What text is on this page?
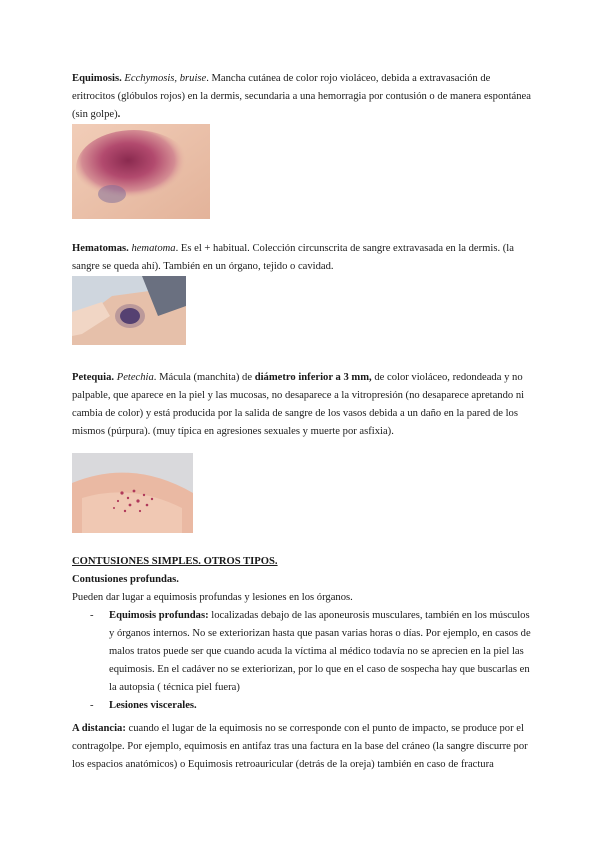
Equimosis. Ecchymosis, bruise. Mancha cutánea de color rojo violáceo, debida a extravasación de eritrocitos (glóbulos rojos) en la dermis, secundaria a una hemorragia por contusión o de manera espontánea (sin golpe).

Hematomas. hematoma. Es el + habitual. Colección circunscrita de sangre extravasada en la dermis. (la sangre se queda ahí). También en un órgano, tejido o cavidad.

Petequia. Petechia. Mácula (manchita) de diámetro inferior a 3 mm, de color violáceo, redondeada y no palpable, que aparece en la piel y las mucosas, no desaparece a la vitropresión (no desaparece apretando ni cambia de color) y está producida por la salida de sangre de los vasos debida a un daño en la pared de los mismos (púrpura). (muy típica en agresiones sexuales y muerte por asfixia).

CONTUSIONES SIMPLES. OTROS TIPOS.

Contusiones profundas.

Pueden dar lugar a equimosis profundas y lesiones en los órganos.

- Equimosis profundas: localizadas debajo de las aponeurosis musculares, también en los músculos y órganos internos. No se exteriorizan hasta que pasan varias horas o días. Por ejemplo, en casos de malos tratos puede ser que cuando acuda la víctima al médico todavía no se aprecien en la piel las equimosis. En el cadáver no se exteriorizan, por lo que en el caso de sospecha hay que buscarlas en la autopsia ( técnica piel fuera)
- Lesiones viscerales.

A distancia: cuando el lugar de la equimosis no se corresponde con el punto de impacto, se produce por el contragolpe. Por ejemplo, equimosis en antifaz tras una factura en la base del cráneo (la sangre discurre por los espacios anatómicos) o Equimosis retroauricular (detrás de la oreja) también en caso de fractura
